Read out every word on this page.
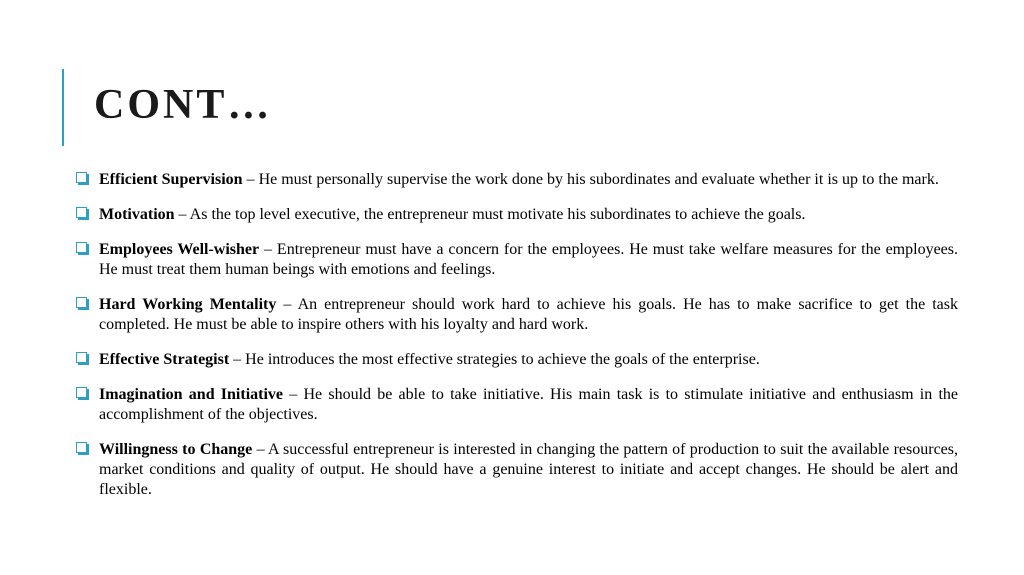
CONT…
Efficient Supervision – He must personally supervise the work done by his subordinates and evaluate whether it is up to the mark.
Motivation – As the top level executive, the entrepreneur must motivate his subordinates to achieve the goals.
Employees Well-wisher – Entrepreneur must have a concern for the employees. He must take welfare measures for the employees. He must treat them human beings with emotions and feelings.
Hard Working Mentality – An entrepreneur should work hard to achieve his goals. He has to make sacrifice to get the task completed. He must be able to inspire others with his loyalty and hard work.
Effective Strategist – He introduces the most effective strategies to achieve the goals of the enterprise.
Imagination and Initiative – He should be able to take initiative. His main task is to stimulate initiative and enthusiasm in the accomplishment of the objectives.
Willingness to Change – A successful entrepreneur is interested in changing the pattern of production to suit the available resources, market conditions and quality of output. He should have a genuine interest to initiate and accept changes. He should be alert and flexible.
